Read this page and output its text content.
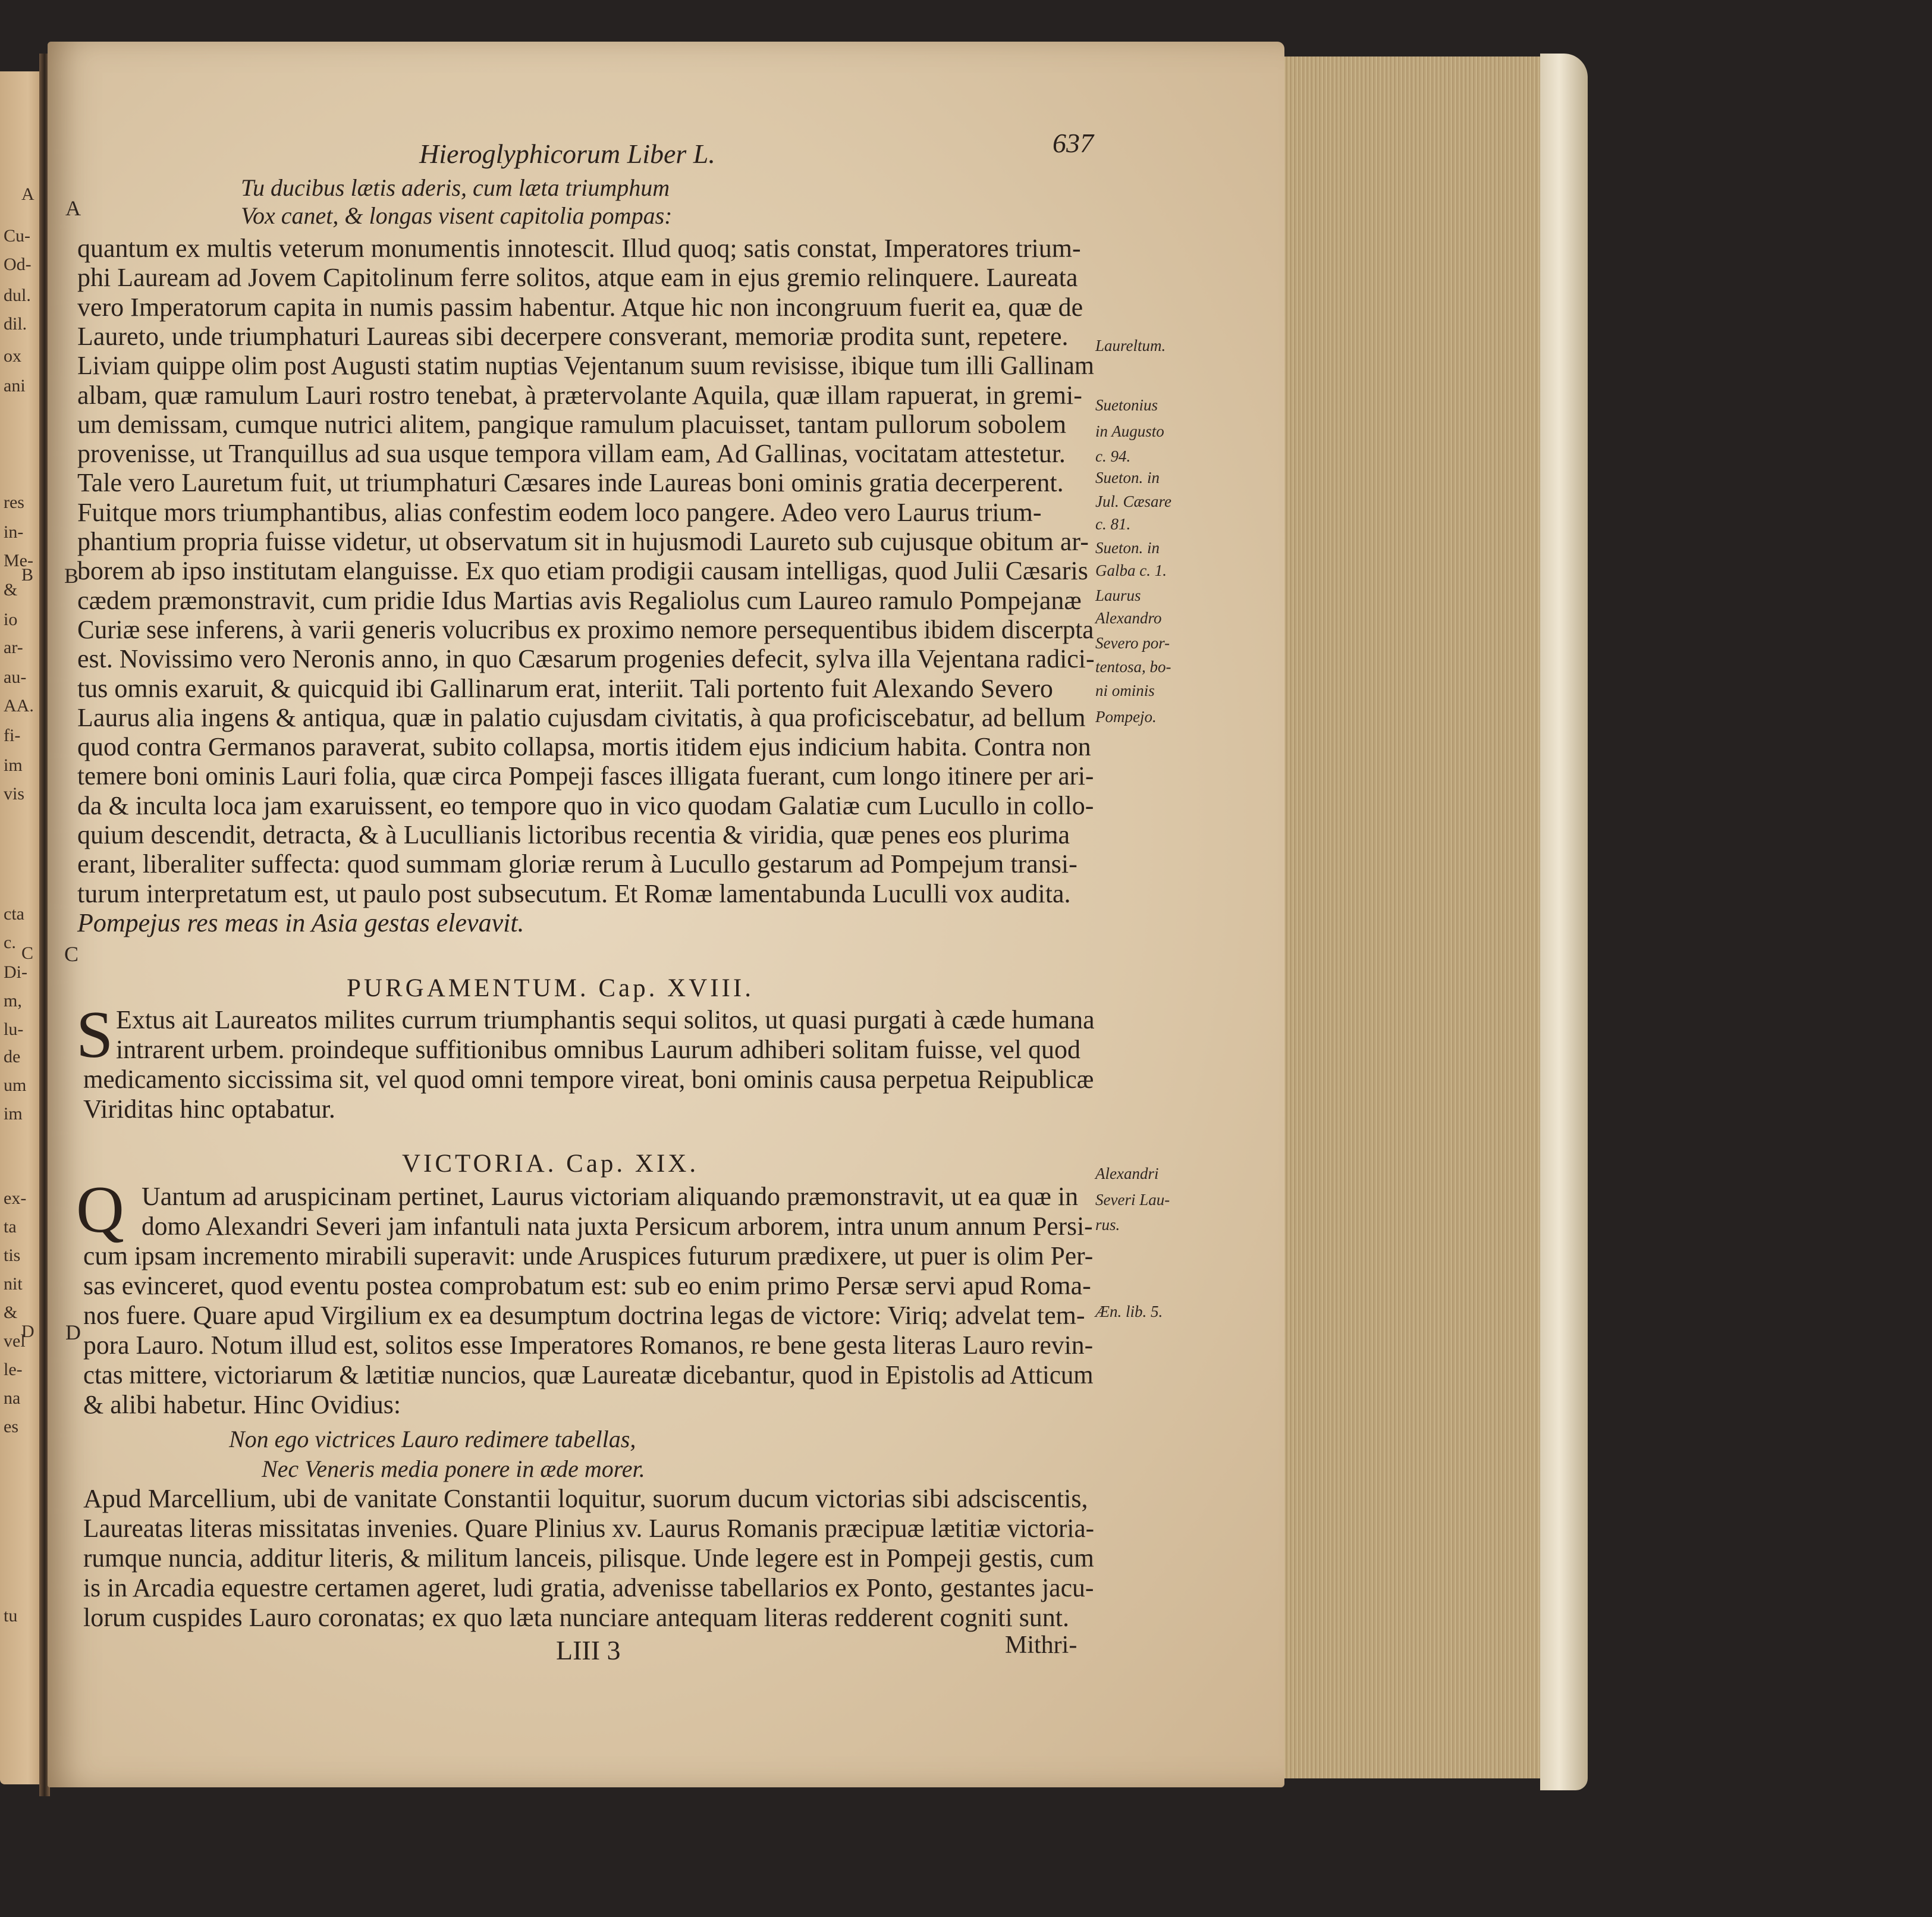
A
Cu-
Od-
dul.
dil.
ox
ani
res
in-
Me-
&
io
ar-
au-
AA.
fi-
im
vis
cta
c.
Di-
m,
lu-
de
um
im
ex-
ta
tis
nit
&
vel
le-
na
es
tu
B
C
D
Hieroglyphicorum Liber L.	637
Tu ducibus lætis aderis, cum læta triumphum
Vox canet, & longas visent capitolia pompas:
quantum ex multis veterum monumentis innotescit. Illud quoq; satis constat, Imperatores trium-
phi Lauream ad Jovem Capitolinum ferre solitos, atque eam in ejus gremio relinquere. Laureata
vero Imperatorum capita in numis passim habentur. Atque hic non incongruum fuerit ea, quæ de
Laureto, unde triumphaturi Laureas sibi decerpere consverant, memoriæ prodita sunt, repetere.
Liviam quippe olim post Augusti statim nuptias Vejentanum suum revisisse, ibique tum illi Gallinam
albam, quæ ramulum Lauri rostro tenebat, à prætervolante Aquila, quæ illam rapuerat, in gremi-
um demissam, cumque nutrici alitem, pangique ramulum placuisset, tantam pullorum sobolem
provenisse, ut Tranquillus ad sua usque tempora villam eam, Ad Gallinas, vocitatam attestetur.
Tale vero Lauretum fuit, ut triumphaturi Cæsares inde Laureas boni ominis gratia decerperent.
Fuitque mors triumphantibus, alias confestim eodem loco pangere. Adeo vero Laurus trium-
phantium propria fuisse videtur, ut observatum sit in hujusmodi Laureto sub cujusque obitum ar-
borem ab ipso institutam elanguisse. Ex quo etiam prodigii causam intelligas, quod Julii Cæsaris
cædem præmonstravit, cum pridie Idus Martias avis Regaliolus cum Laureo ramulo Pompejanæ
Curiæ sese inferens, à varii generis volucribus ex proximo nemore persequentibus ibidem discerpta
est. Novissimo vero Neronis anno, in quo Cæsarum progenies defecit, sylva illa Vejentana radici-
tus omnis exaruit, & quicquid ibi Gallinarum erat, interiit. Tali portento fuit Alexando Severo
Laurus alia ingens & antiqua, quæ in palatio cujusdam civitatis, à qua proficiscebatur, ad bellum
quod contra Germanos paraverat, subito collapsa, mortis itidem ejus indicium habita. Contra non
temere boni ominis Lauri folia, quæ circa Pompeji fasces illigata fuerant, cum longo itinere per ari-
da & inculta loca jam exaruissent, eo tempore quo in vico quodam Galatiæ cum Lucullo in collo-
quium descendit, detracta, & à Lucullianis lictoribus recentia & viridia, quæ penes eos plurima
erant, liberaliter suffecta: quod summam gloriæ rerum à Lucullo gestarum ad Pompejum transi-
turum interpretatum est, ut paulo post subsecutum. Et Romæ lamentabunda Luculli vox audita.
Pompejus res meas in Asia gestas elevavit.
PURGAMENTUM. Cap. XVIII.
S Extus ait Laureatos milites currum triumphantis sequi solitos, ut quasi purgati à cæde humana
intrarent urbem. proindeque suffitionibus omnibus Laurum adhiberi solitam fuisse, vel quod
medicamento siccissima sit, vel quod omni tempore vireat, boni ominis causa perpetua Reipublicæ
Viriditas hinc optabatur.
VICTORIA. Cap. XIX.
Q Uantum ad aruspicinam pertinet, Laurus victoriam aliquando præmonstravit, ut ea quæ in
domo Alexandri Severi jam infantuli nata juxta Persicum arborem, intra unum annum Persi-
cum ipsam incremento mirabili superavit: unde Aruspices futurum prædixere, ut puer is olim Per-
sas evinceret, quod eventu postea comprobatum est: sub eo enim primo Persæ servi apud Roma-
nos fuere. Quare apud Virgilium ex ea desumptum doctrina legas de victore: Viriq; advelat tem-
pora Lauro. Notum illud est, solitos esse Imperatores Romanos, re bene gesta literas Lauro revin-
ctas mittere, victoriarum & lætitiæ nuncios, quæ Laureatæ dicebantur, quod in Epistolis ad Atticum
& alibi habetur. Hinc Ovidius:
Non ego victrices Lauro redimere tabellas,
Nec Veneris media ponere in æde morer.
Apud Marcellium, ubi de vanitate Constantii loquitur, suorum ducum victorias sibi adsciscentis,
Laureatas literas missitatas invenies. Quare Plinius xv. Laurus Romanis præcipuæ lætitiæ victoria-
rumque nuncia, additur literis, & militum lanceis, pilisque. Unde legere est in Pompeji gestis, cum
is in Arcadia equestre certamen ageret, ludi gratia, advenisse tabellarios ex Ponto, gestantes jacu-
lorum cuspides Lauro coronatas; ex quo læta nunciare antequam literas redderent cogniti sunt.
LIII 3	Mithri-
Laureltum.
Suetonius
in Augusto
c. 94.
Sueton. in
Jul. Cæsare
c. 81.
Sueton. in
Galba c. 1.
Laurus
Alexandro
Severo por-
tentosa, bo-
ni ominis
Pompejo.
Alexandri
Severi Lau-
rus.
Æn. lib. 5.
A
B
C
D
